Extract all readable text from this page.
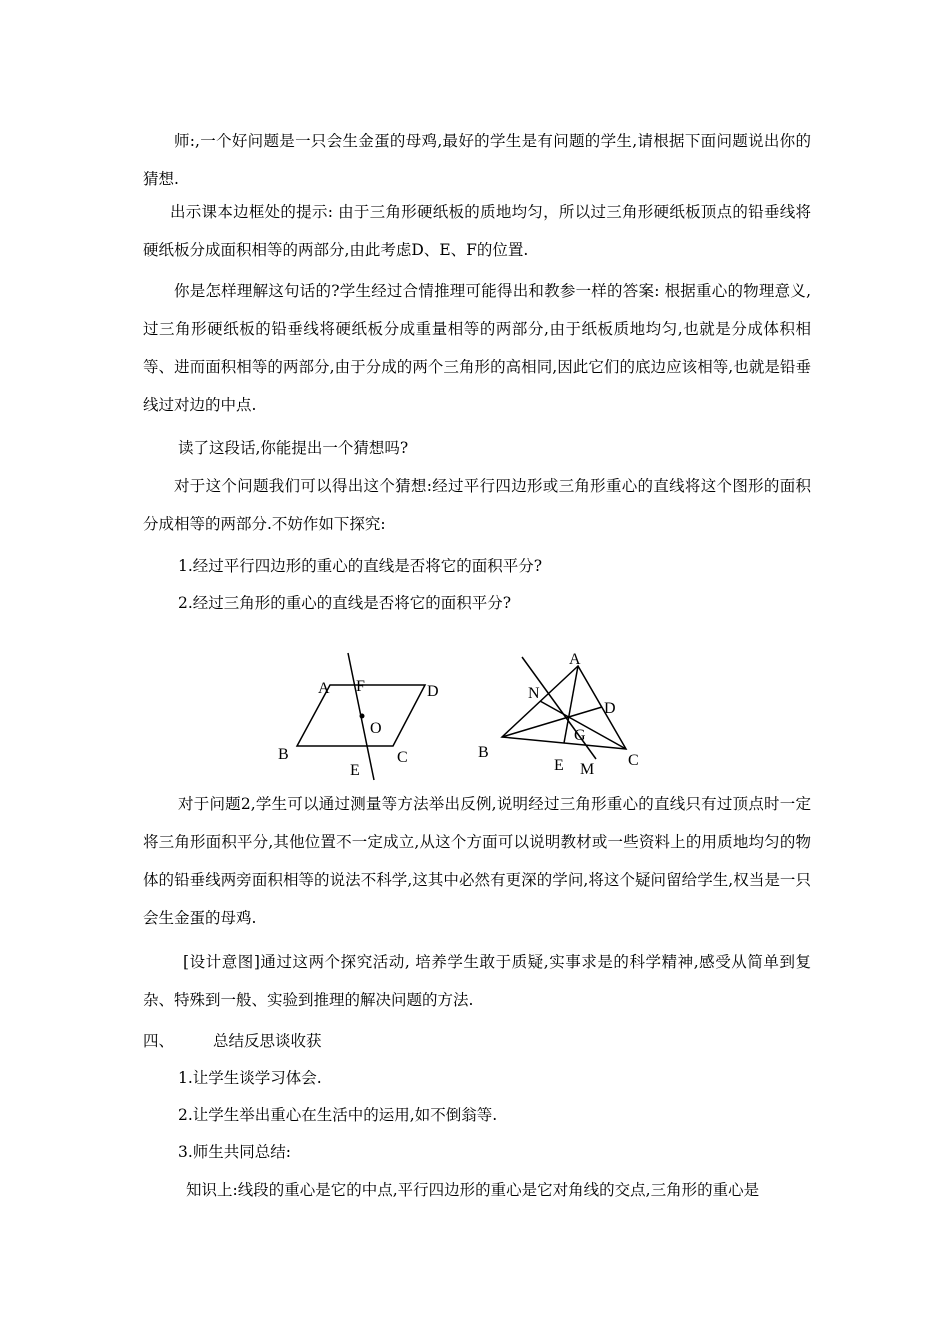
师:,一个好问题是一只会生金蛋的母鸡,最好的学生是有问题的学生,请根据下面问题说出你的猜想.

出示课本边框处的提示: 由于三角形硬纸板的质地均匀，所以过三角形硬纸板顶点的铅垂线将硬纸板分成面积相等的两部分,由此考虑D、E、F的位置.

你是怎样理解这句话的?学生经过合情推理可能得出和教参一样的答案: 根据重心的物理意义,过三角形硬纸板的铅垂线将硬纸板分成重量相等的两部分,由于纸板质地均匀,也就是分成体积相等、进而面积相等的两部分,由于分成的两个三角形的高相同,因此它们的底边应该相等,也就是铅垂线过对边的中点.

读了这段话,你能提出一个猜想吗?

对于这个问题我们可以得出这个猜想:经过平行四边形或三角形重心的直线将这个图形的面积分成相等的两部分.不妨作如下探究:

1.经过平行四边形的重心的直线是否将它的面积平分?

2.经过三角形的重心的直线是否将它的面积平分?

A F	D
O
B	C
E
A
N
D
G
B
E M
C

对于问题2,学生可以通过测量等方法举出反例,说明经过三角形重心的直线只有过顶点时一定将三角形面积平分,其他位置不一定成立,从这个方面可以说明教材或一些资料上的用质地均匀的物体的铅垂线两旁面积相等的说法不科学,这其中必然有更深的学问,将这个疑问留给学生,权当是一只会生金蛋的母鸡.

[设计意图]通过这两个探究活动, 培养学生敢于质疑,实事求是的科学精神,感受从简单到复杂、特殊到一般、实验到推理的解决问题的方法.

四、	总结反思谈收获

1.让学生谈学习体会.

2.让学生举出重心在生活中的运用,如不倒翁等.

3.师生共同总结:

知识上:线段的重心是它的中点,平行四边形的重心是它对角线的交点,三角形的重心是
